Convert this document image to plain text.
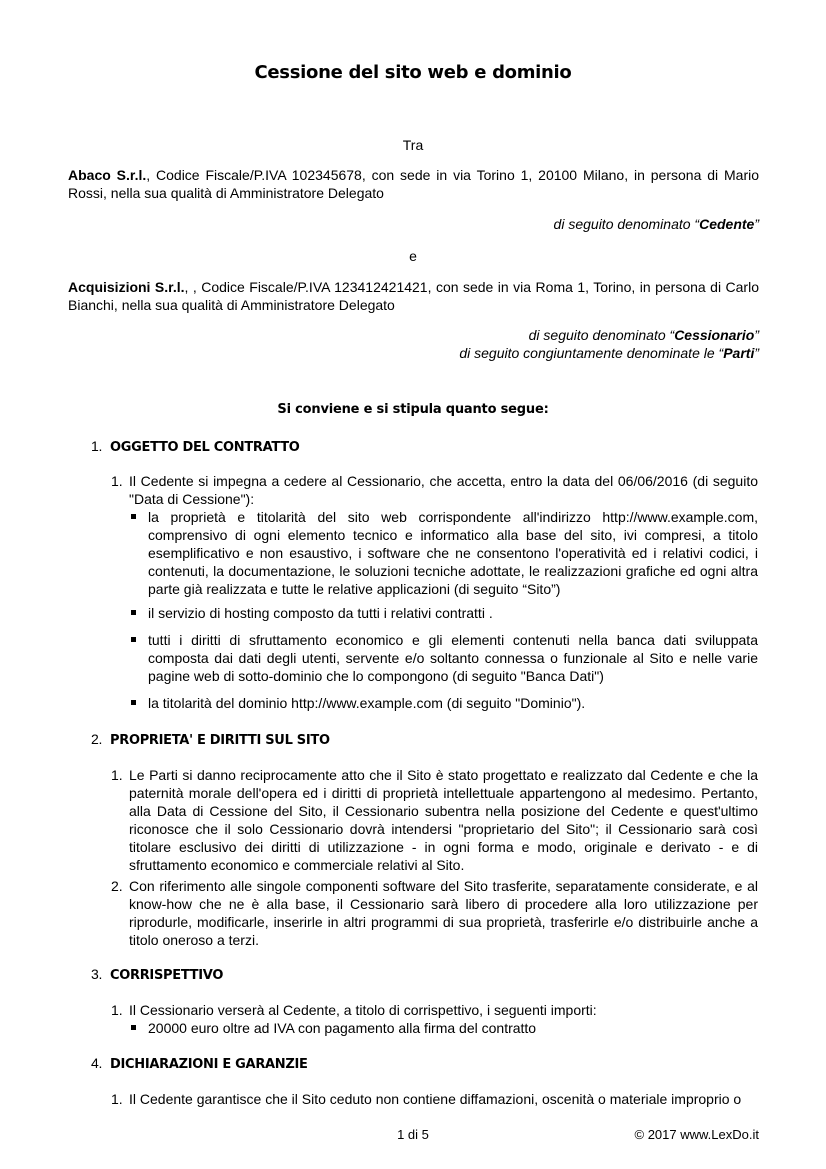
Cessione del sito web e dominio
Tra
Abaco S.r.l., Codice Fiscale/P.IVA 102345678, con sede in via Torino 1, 20100 Milano, in persona di Mario Rossi, nella sua qualità di Amministratore Delegato
di seguito denominato “Cedente”
e
Acquisizioni S.r.l., , Codice Fiscale/P.IVA 123412421421, con sede in via Roma 1, Torino, in persona di Carlo Bianchi, nella sua qualità di Amministratore Delegato
di seguito denominato “Cessionario”
di seguito congiuntamente denominate le “Parti”
Si conviene e si stipula quanto segue:
1. OGGETTO DEL CONTRATTO
1. Il Cedente si impegna a cedere al Cessionario, che accetta, entro la data del 06/06/2016 (di seguito "Data di Cessione"):
la proprietà e titolarità del sito web corrispondente all'indirizzo http://www.example.com, comprensivo di ogni elemento tecnico e informatico alla base del sito, ivi compresi, a titolo esemplificativo e non esaustivo, i software che ne consentono l'operatività ed i relativi codici, i contenuti, la documentazione, le soluzioni tecniche adottate, le realizzazioni grafiche ed ogni altra parte già realizzata e tutte le relative applicazioni (di seguito “Sito”)
il servizio di hosting composto da tutti i relativi contratti .
tutti i diritti di sfruttamento economico e gli elementi contenuti nella banca dati sviluppata composta dai dati degli utenti, servente e/o soltanto connessa o funzionale al Sito e nelle varie pagine web di sotto-dominio che lo compongono (di seguito "Banca Dati")
la titolarità del dominio http://www.example.com (di seguito "Dominio").
2. PROPRIETA' E DIRITTI SUL SITO
1. Le Parti si danno reciprocamente atto che il Sito è stato progettato e realizzato dal Cedente e che la paternità morale dell'opera ed i diritti di proprietà intellettuale appartengono al medesimo. Pertanto, alla Data di Cessione del Sito, il Cessionario subentra nella posizione del Cedente e quest'ultimo riconosce che il solo Cessionario dovrà intendersi "proprietario del Sito"; il Cessionario sarà così titolare esclusivo dei diritti di utilizzazione - in ogni forma e modo, originale e derivato - e di sfruttamento economico e commerciale relativi al Sito.
2. Con riferimento alle singole componenti software del Sito trasferite, separatamente considerate, e al know-how che ne è alla base, il Cessionario sarà libero di procedere alla loro utilizzazione per riprodurle, modificarle, inserirle in altri programmi di sua proprietà, trasferirle e/o distribuirle anche a titolo oneroso a terzi.
3. CORRISPETTIVO
1. Il Cessionario verserà al Cedente, a titolo di corrispettivo, i seguenti importi:
20000 euro oltre ad IVA con pagamento alla firma del contratto
4. DICHIARAZIONI E GARANZIE
1. Il Cedente garantisce che il Sito ceduto non contiene diffamazioni, oscenità o materiale improprio o
1 di 5	© 2017 www.LexDo.it
